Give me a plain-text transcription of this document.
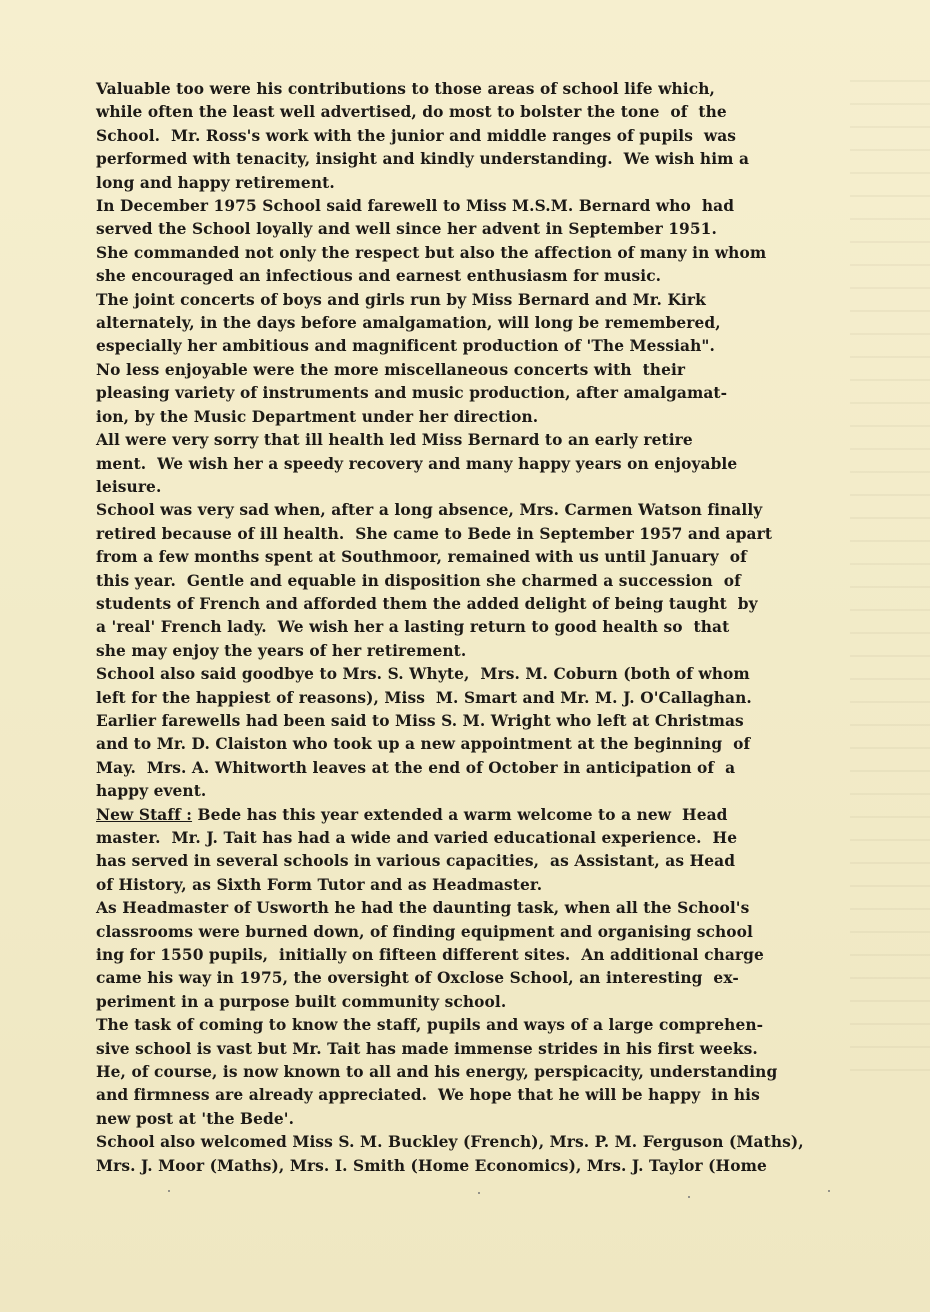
Valuable too were his contributions to those areas of school life which,
while often the least well advertised, do most to bolster the tone  of  the
School.  Mr. Ross's work with the junior and middle ranges of pupils  was
performed with tenacity, insight and kindly understanding.  We wish him a
long and happy retirement.
In December 1975 School said farewell to Miss M.S.M. Bernard who  had
served the School loyally and well since her advent in September 1951.
She commanded not only the respect but also the affection of many in whom
she encouraged an infectious and earnest enthusiasm for music.
The joint concerts of boys and girls run by Miss Bernard and Mr. Kirk
alternately, in the days before amalgamation, will long be remembered,
especially her ambitious and magnificent production of 'The Messiah".
No less enjoyable were the more miscellaneous concerts with  their
pleasing variety of instruments and music production, after amalgamat-
ion, by the Music Department under her direction.
All were very sorry that ill health led Miss Bernard to an early retire
ment.  We wish her a speedy recovery and many happy years on enjoyable
leisure.
School was very sad when, after a long absence, Mrs. Carmen Watson finally
retired because of ill health.  She came to Bede in September 1957 and apart
from a few months spent at Southmoor, remained with us until January  of
this year.  Gentle and equable in disposition she charmed a succession  of
students of French and afforded them the added delight of being taught  by
a 'real' French lady.  We wish her a lasting return to good health so  that
she may enjoy the years of her retirement.
School also said goodbye to Mrs. S. Whyte,  Mrs. M. Coburn (both of whom
left for the happiest of reasons), Miss  M. Smart and Mr. M. J. O'Callaghan.
Earlier farewells had been said to Miss S. M. Wright who left at Christmas
and to Mr. D. Claiston who took up a new appointment at the beginning  of
May.  Mrs. A. Whitworth leaves at the end of October in anticipation of  a
happy event.
New Staff : Bede has this year extended a warm welcome to a new  Head
master.  Mr. J. Tait has had a wide and varied educational experience.  He
has served in several schools in various capacities,  as Assistant, as Head
of History, as Sixth Form Tutor and as Headmaster.
As Headmaster of Usworth he had the daunting task, when all the School's
classrooms were burned down, of finding equipment and organising school
ing for 1550 pupils,  initially on fifteen different sites.  An additional charge
came his way in 1975, the oversight of Oxclose School, an interesting  ex-
periment in a purpose built community school.
The task of coming to know the staff, pupils and ways of a large comprehen-
sive school is vast but Mr. Tait has made immense strides in his first weeks.
He, of course, is now known to all and his energy, perspicacity, understanding
and firmness are already appreciated.  We hope that he will be happy  in his
new post at 'the Bede'.
School also welcomed Miss S. M. Buckley (French), Mrs. P. M. Ferguson (Maths),
Mrs. J. Moor (Maths), Mrs. I. Smith (Home Economics), Mrs. J. Taylor (Home
